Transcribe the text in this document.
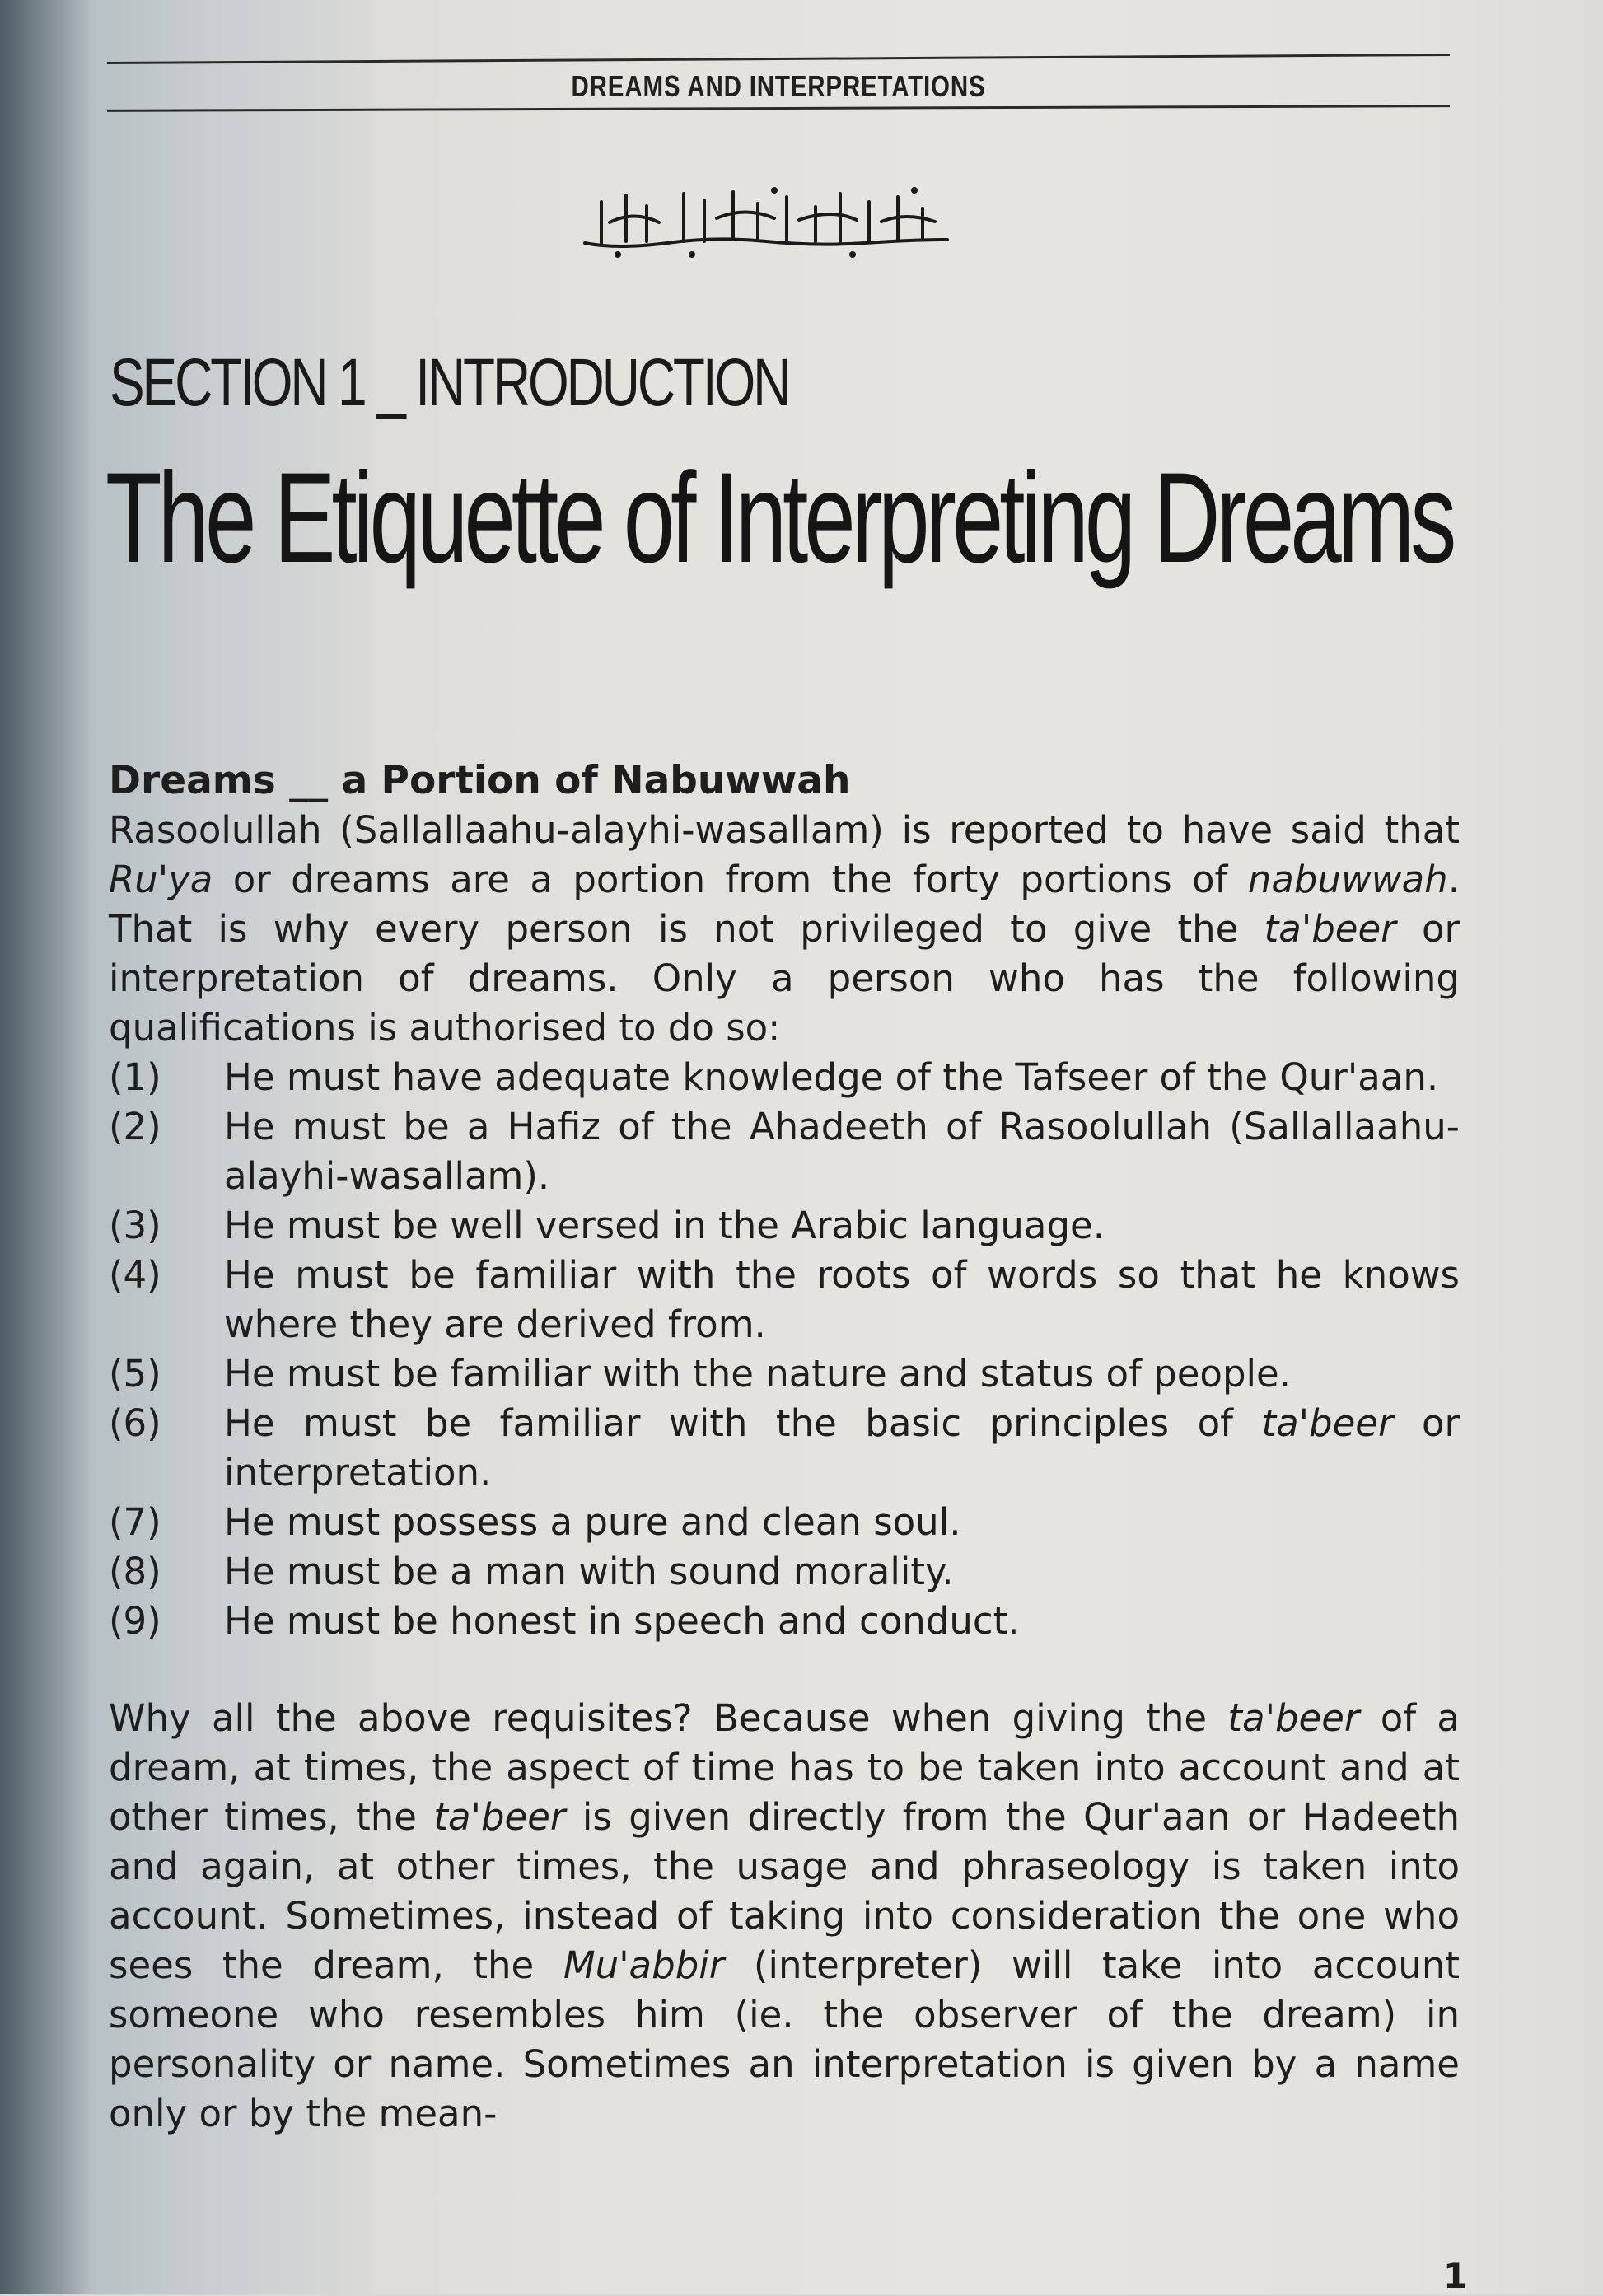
DREAMS AND INTERPRETATIONS
بسم الله الرحمن الرحيم
SECTION 1 _ INTRODUCTION
The Etiquette of Interpreting Dreams

Dreams __ a Portion of Nabuwwah

Rasoolullah (Sallallaahu-alayhi-wasallam) is reported to have said that Ru'ya or dreams are a portion from the forty portions of nabuwwah. That is why every person is not privileged to give the ta'beer or interpretation of dreams. Only a person who has the following qualifications is authorised to do so:

(1)	He must have adequate knowledge of the Tafseer of the Qur'aan.
(2)	He must be a Hafiz of the Ahadeeth of Rasoolullah (Sallallaahu-alayhi-wasallam).
(3)	He must be well versed in the Arabic language.
(4)	He must be familiar with the roots of words so that he knows where they are derived from.
(5)	He must be familiar with the nature and status of people.
(6)	He must be familiar with the basic principles of ta'beer or interpretation.
(7)	He must possess a pure and clean soul.
(8)	He must be a man with sound morality.
(9)	He must be honest in speech and conduct.

Why all the above requisites? Because when giving the ta'beer of a dream, at times, the aspect of time has to be taken into account and at other times, the ta'beer is given directly from the Qur'aan or Hadeeth and again, at other times, the usage and phraseology is taken into account. Sometimes, instead of taking into consideration the one who sees the dream, the Mu'abbir (interpreter) will take into account someone who resembles him (ie. the observer of the dream) in personality or name. Sometimes an interpretation is given by a name only or by the mean-

1
